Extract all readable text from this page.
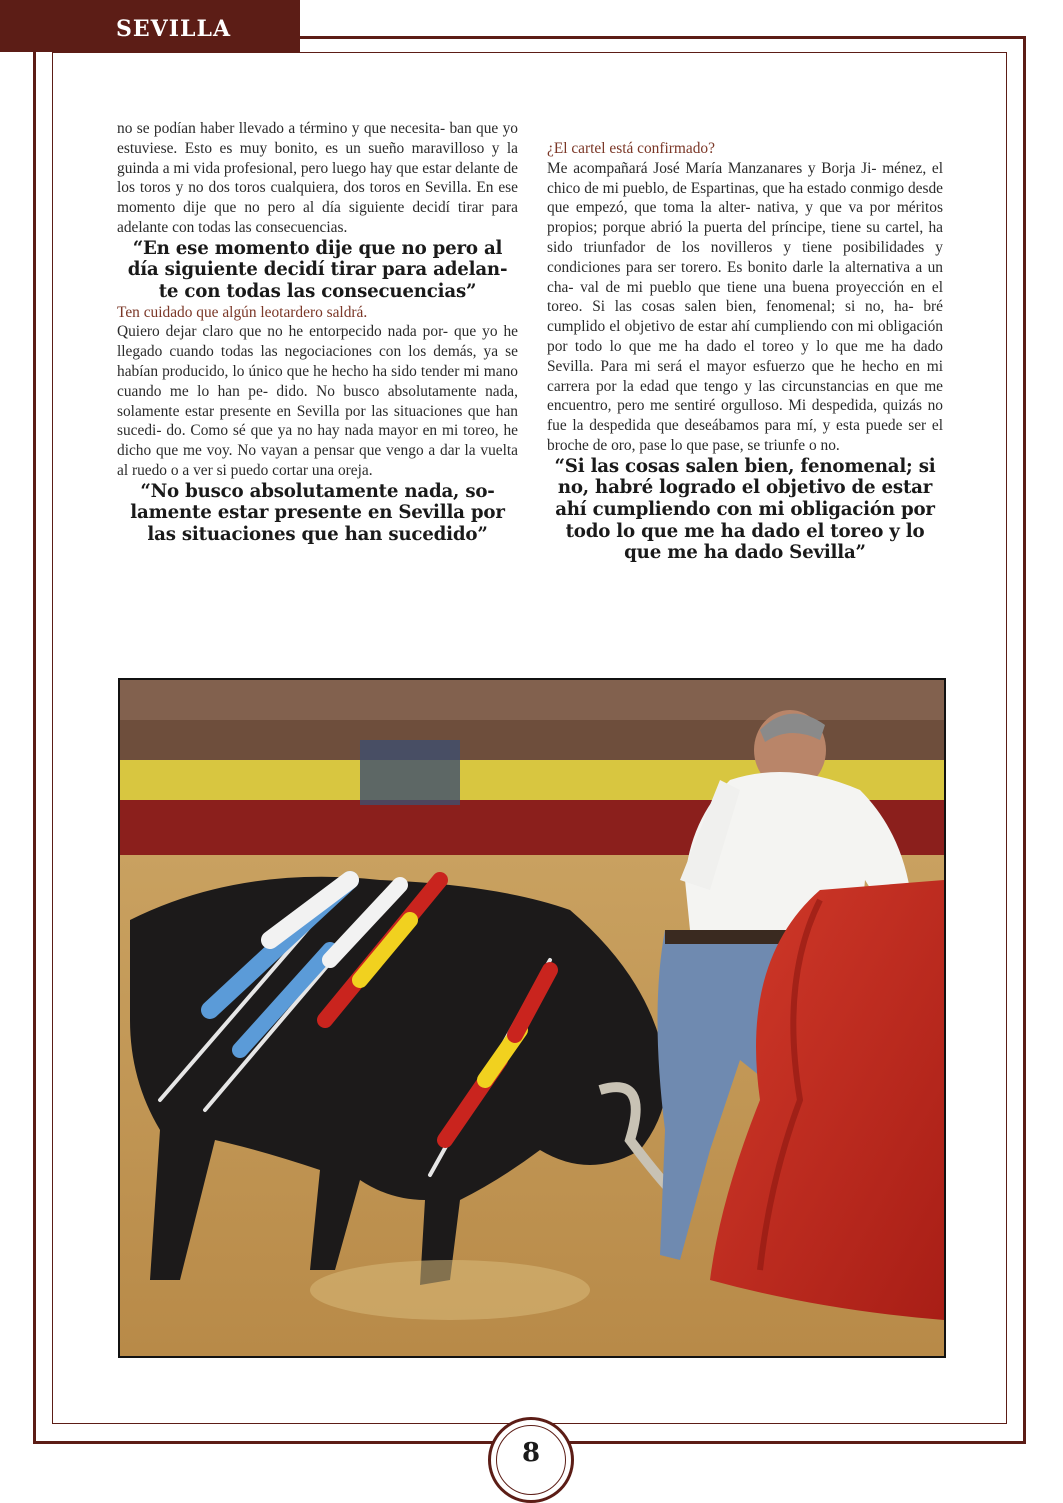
SEVILLA

no se podían haber llevado a término y que necesita- ban que yo estuviese. Esto es muy bonito, es un sueño maravilloso y la guinda a mi vida profesional, pero luego hay que estar delante de los toros y no dos toros cualquiera, dos toros en Sevilla. En ese momento dije que no pero al día siguiente decidí tirar para adelante con todas las consecuencias.

“En ese momento dije que no pero al día siguiente decidí tirar para adelan- te con todas las consecuencias”

Ten cuidado que algún leotardero saldrá.

Quiero dejar claro que no he entorpecido nada por- que yo he llegado cuando todas las negociaciones con los demás, ya se habían producido, lo único que he hecho ha sido tender mi mano cuando me lo han pe- dido. No busco absolutamente nada, solamente estar presente en Sevilla por las situaciones que han sucedi- do. Como sé que ya no hay nada mayor en mi toreo, he dicho que me voy. No vayan a pensar que vengo a dar la vuelta al ruedo o a ver si puedo cortar una oreja.

“No busco absolutamente nada, so- lamente estar presente en Sevilla por las situaciones que han sucedido”

¿El cartel está confirmado?

Me acompañará José María Manzanares y Borja Ji- ménez, el chico de mi pueblo, de Espartinas, que ha estado conmigo desde que empezó, que toma la alter- nativa, y que va por méritos propios; porque abrió la puerta del príncipe, tiene su cartel, ha sido triunfador de los novilleros y tiene posibilidades y condiciones para ser torero. Es bonito darle la alternativa a un cha- val de mi pueblo que tiene una buena proyección en el toreo. Si las cosas salen bien, fenomenal; si no, ha- bré cumplido el objetivo de estar ahí cumpliendo con mi obligación por todo lo que me ha dado el toreo y lo que me ha dado Sevilla. Para mi será el mayor esfuerzo que he hecho en mi carrera por la edad que tengo y las circunstancias en que me encuentro, pero me sentiré orgulloso. Mi despedida, quizás no fue la despedida que deseábamos para mí, y esta puede ser el broche de oro, pase lo que pase, se triunfe o no.

“Si las cosas salen bien, fenomenal; si no, habré logrado el objetivo de estar ahí cumpliendo con mi obligación por todo lo que me ha dado el toreo y lo que me ha dado Sevilla”

8
